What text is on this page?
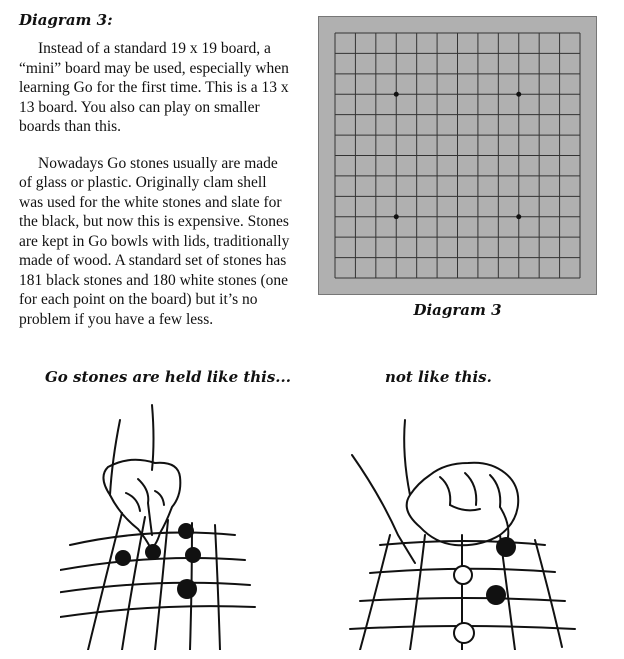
Diagram 3:

Instead of a standard 19 x 19 board, a “mini” board may be used, especially when learning Go for the first time. This is a 13 x 13 board. You also can play on smaller boards than this.

Nowadays Go stones usually are made of glass or plastic. Originally clam shell was used for the white stones and slate for the black, but now this is expensive. Stones are kept in Go bowls with lids, traditionally made of wood. A standard set of stones has 181 black stones and 180 white stones (one for each point on the board) but it’s no problem if you have a few less.	Diagram 3

Go stones are held like this...	not like this.
